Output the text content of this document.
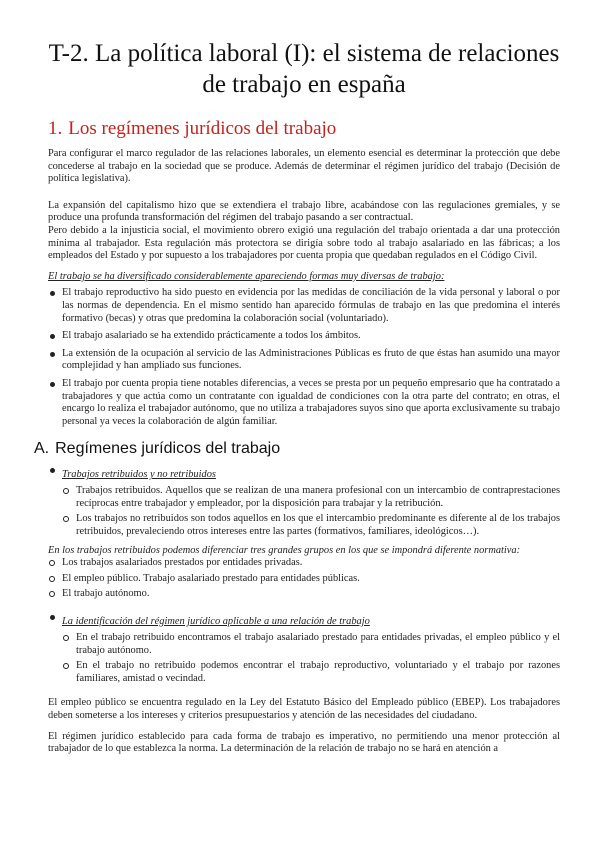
T-2. La política laboral (I): el sistema de relaciones de trabajo en españa
1. Los regímenes jurídicos del trabajo

Para configurar el marco regulador de las relaciones laborales, un elemento esencial es determinar la protección que debe concederse al trabajo en la sociedad que se produce. Además de determinar el régimen jurídico del trabajo (Decisión de política legislativa).

La expansión del capitalismo hizo que se extendiera el trabajo libre, acabándose con las regulaciones gremiales, y se produce una profunda transformación del régimen del trabajo pasando a ser contractual.

Pero debido a la injusticia social, el movimiento obrero exigió una regulación del trabajo orientada a dar una protección mínima al trabajador. Esta regulación más protectora se dirigía sobre todo al trabajo asalariado en las fábricas; a los empleados del Estado y por supuesto a los trabajadores por cuenta propia que quedaban regulados en el Código Civil.

El trabajo se ha diversificado considerablemente apareciendo formas muy diversas de trabajo:

El trabajo reproductivo ha sido puesto en evidencia por las medidas de conciliación de la vida personal y laboral o por las normas de dependencia. En el mismo sentido han aparecido fórmulas de trabajo en las que predomina el interés formativo (becas) y otras que predomina la colaboración social (voluntariado).
El trabajo asalariado se ha extendido prácticamente a todos los ámbitos.
La extensión de la ocupación al servicio de las Administraciones Públicas es fruto de que éstas han asumido una mayor complejidad y han ampliado sus funciones.
El trabajo por cuenta propia tiene notables diferencias, a veces se presta por un pequeño empresario que ha contratado a trabajadores y que actúa como un contratante con igualdad de condiciones con la otra parte del contrato; en otras, el encargo lo realiza el trabajador autónomo, que no utiliza a trabajadores suyos sino que aporta exclusivamente su trabajo personal ya veces la colaboración de algún familiar.
A. Regímenes jurídicos del trabajo
Trabajos retribuidos y no retribuidos
Trabajos retribuidos. Aquellos que se realizan de una manera profesional con un intercambio de contraprestaciones recíprocas entre trabajador y empleador, por la disposición para trabajar y la retribución.
Los trabajos no retribuidos son todos aquellos en los que el intercambio predominante es diferente al de los trabajos retribuidos, prevaleciendo otros intereses entre las partes (formativos, familiares, ideológicos…).

En los trabajos retribuidos podemos diferenciar tres grandes grupos en los que se impondrá diferente normativa:

Los trabajos asalariados prestados por entidades privadas.
El empleo público. Trabajo asalariado prestado para entidades públicas.
El trabajo autónomo.
La identificación del régimen jurídico aplicable a una relación de trabajo
En el trabajo retribuido encontramos el trabajo asalariado prestado para entidades privadas, el empleo público y el trabajo autónomo.
En el trabajo no retribuido podemos encontrar el trabajo reproductivo, voluntariado y el trabajo por razones familiares, amistad o vecindad.

El empleo público se encuentra regulado en la Ley del Estatuto Básico del Empleado público (EBEP). Los trabajadores deben someterse a los intereses y criterios presupuestarios y atención de las necesidades del ciudadano.

El régimen jurídico establecido para cada forma de trabajo es imperativo, no permitiendo una menor protección al trabajador de lo que establezca la norma. La determinación de la relación de trabajo no se hará en atención a
